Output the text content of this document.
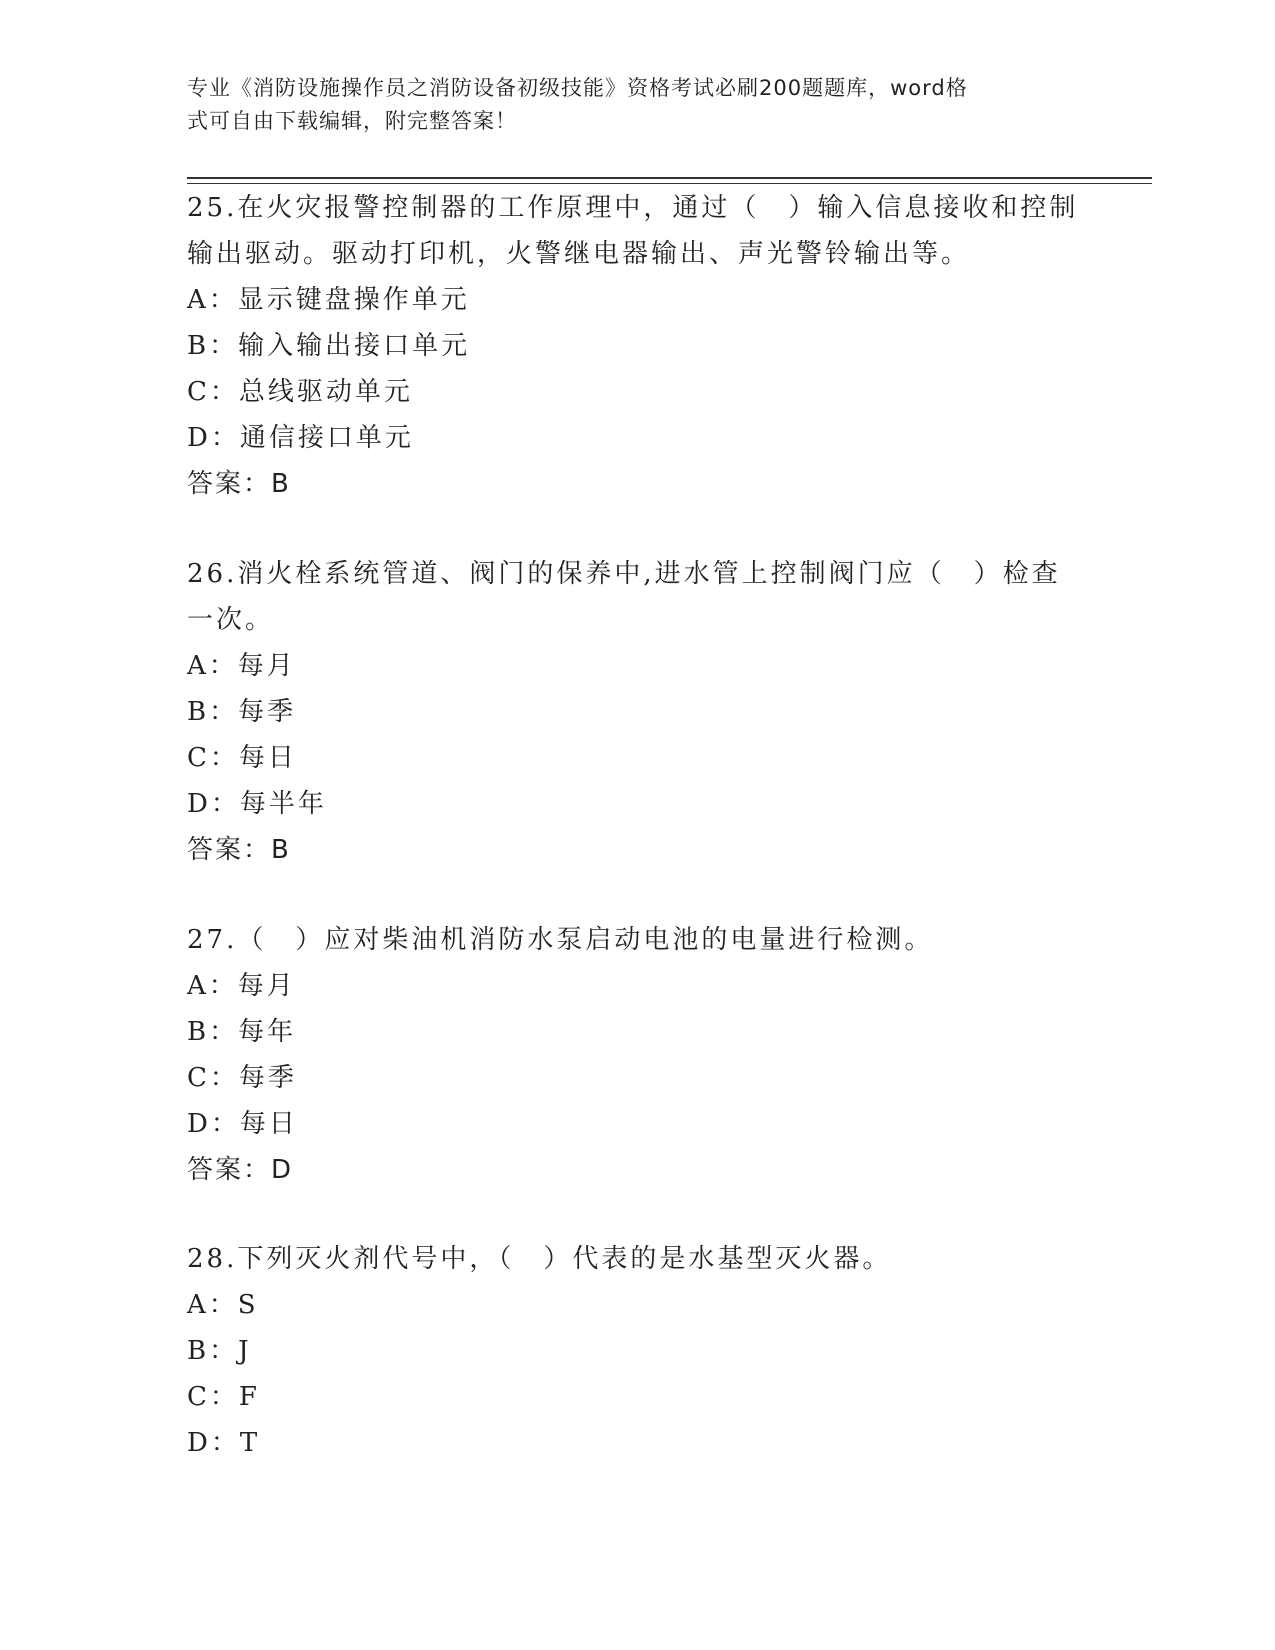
专业《消防设施操作员之消防设备初级技能》资格考试必刷200题题库，word格
式可自由下载编辑，附完整答案！

25.在火灾报警控制器的工作原理中，通过（　）输入信息接收和控制

输出驱动。驱动打印机，火警继电器输出、声光警铃输出等。

A：显示键盘操作单元

B：输入输出接口单元

C：总线驱动单元

D：通信接口单元

答案：B

26.消火栓系统管道、阀门的保养中,进水管上控制阀门应（　）检查

一次。

A：每月

B：每季

C：每日

D：每半年

答案：B

27.（　）应对柴油机消防水泵启动电池的电量进行检测。

A：每月

B：每年

C：每季

D：每日

答案：D

28.下列灭火剂代号中，（　）代表的是水基型灭火器。

A：S

B：J

C：F

D：T
